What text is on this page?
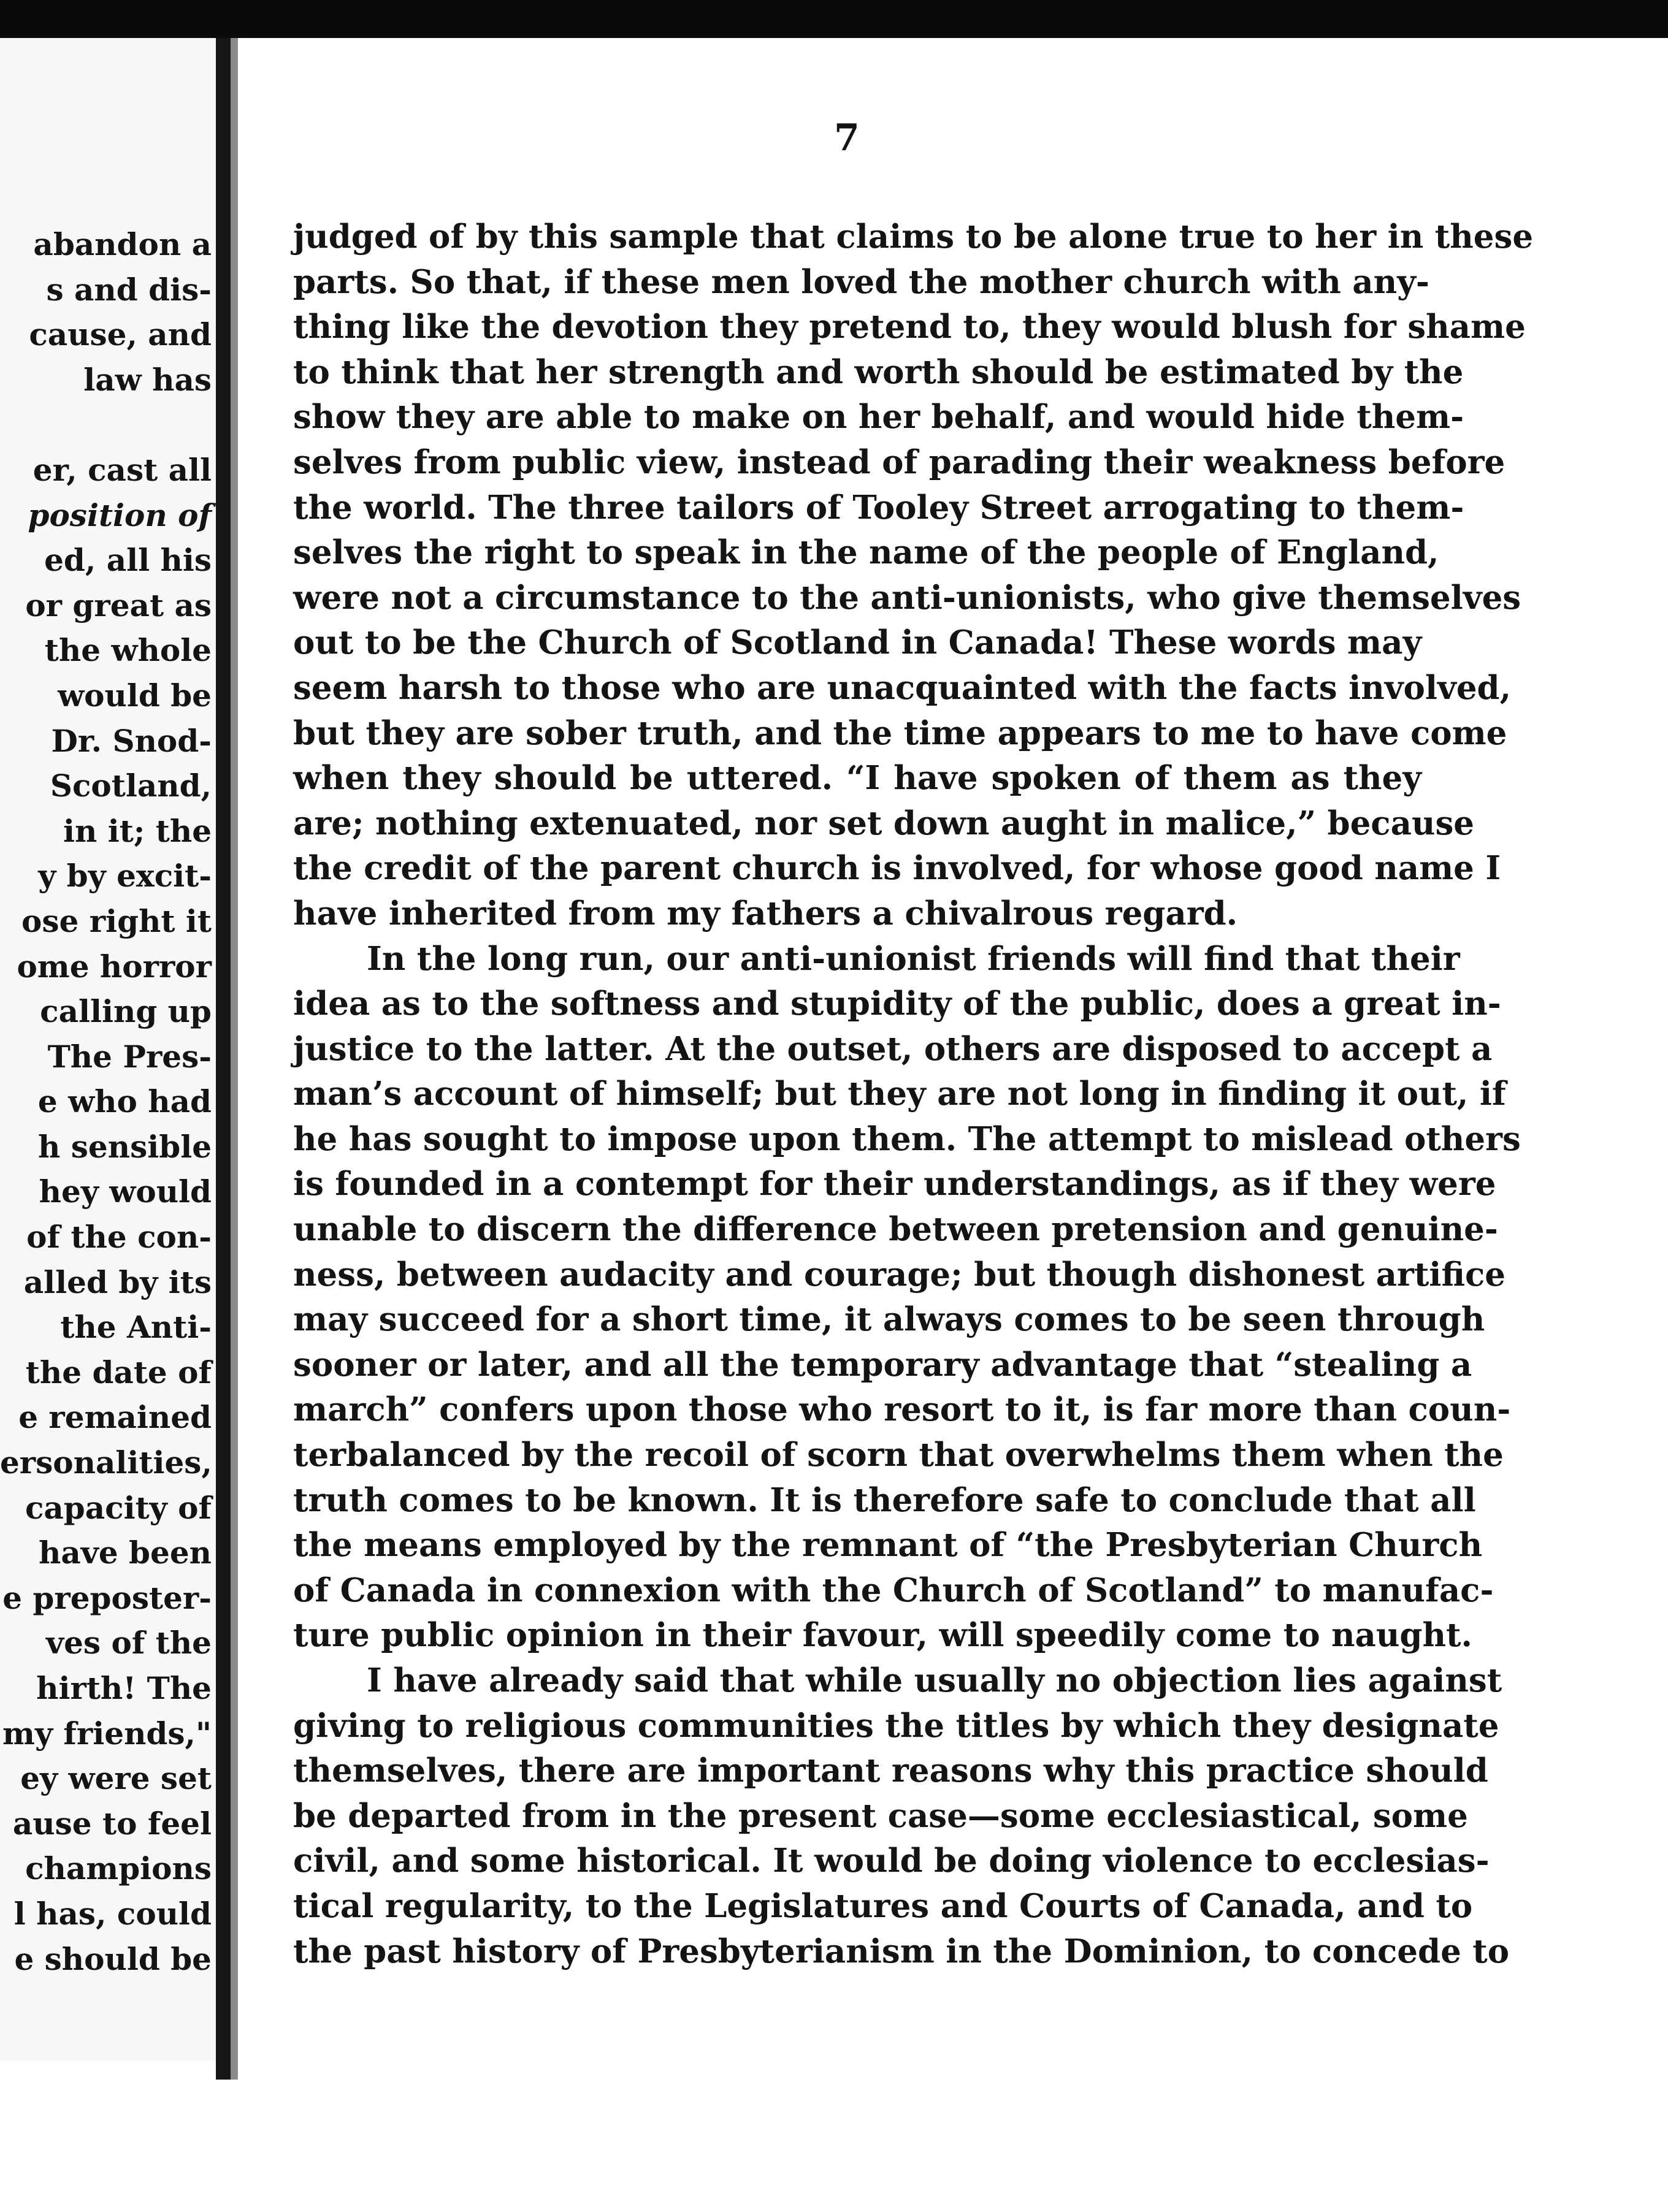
abandon a
s and dis-
cause, and
law has

er, cast all
position of
ed, all his
or great as
the whole
would be
Dr. Snod-
Scotland,
in it; the
y by excit-
ose right it
ome horror
calling up
The Pres-
e who had
h sensible
hey would
of the con-
alled by its
the Anti-
the date of
e remained
ersonalities,
capacity of
have been
e preposter-
ves of the
hirth! The
my friends,"
ey were set
ause to feel
champions
l has, could
e should be
7
judged of by this sample that claims to be alone true to her in these
parts. So that, if these men loved the mother church with any-
thing like the devotion they pretend to, they would blush for shame
to think that her strength and worth should be estimated by the
show they are able to make on her behalf, and would hide them-
selves from public view, instead of parading their weakness before
the world. The three tailors of Tooley Street arrogating to them-
selves the right to speak in the name of the people of England,
were not a circumstance to the anti-unionists, who give themselves
out to be the Church of Scotland in Canada! These words may
seem harsh to those who are unacquainted with the facts involved,
but they are sober truth, and the time appears to me to have come
when they should be uttered. “I have spoken of them as they
are; nothing extenuated, nor set down aught in malice,” because
the credit of the parent church is involved, for whose good name I
have inherited from my fathers a chivalrous regard.
In the long run, our anti-unionist friends will find that their
idea as to the softness and stupidity of the public, does a great in-
justice to the latter. At the outset, others are disposed to accept a
man’s account of himself; but they are not long in finding it out, if
he has sought to impose upon them. The attempt to mislead others
is founded in a contempt for their understandings, as if they were
unable to discern the difference between pretension and genuine-
ness, between audacity and courage; but though dishonest artifice
may succeed for a short time, it always comes to be seen through
sooner or later, and all the temporary advantage that “stealing a
march” confers upon those who resort to it, is far more than coun-
terbalanced by the recoil of scorn that overwhelms them when the
truth comes to be known. It is therefore safe to conclude that all
the means employed by the remnant of “the Presbyterian Church
of Canada in connexion with the Church of Scotland” to manufac-
ture public opinion in their favour, will speedily come to naught.
I have already said that while usually no objection lies against
giving to religious communities the titles by which they designate
themselves, there are important reasons why this practice should
be departed from in the present case—some ecclesiastical, some
civil, and some historical. It would be doing violence to ecclesias-
tical regularity, to the Legislatures and Courts of Canada, and to
the past history of Presbyterianism in the Dominion, to concede to
